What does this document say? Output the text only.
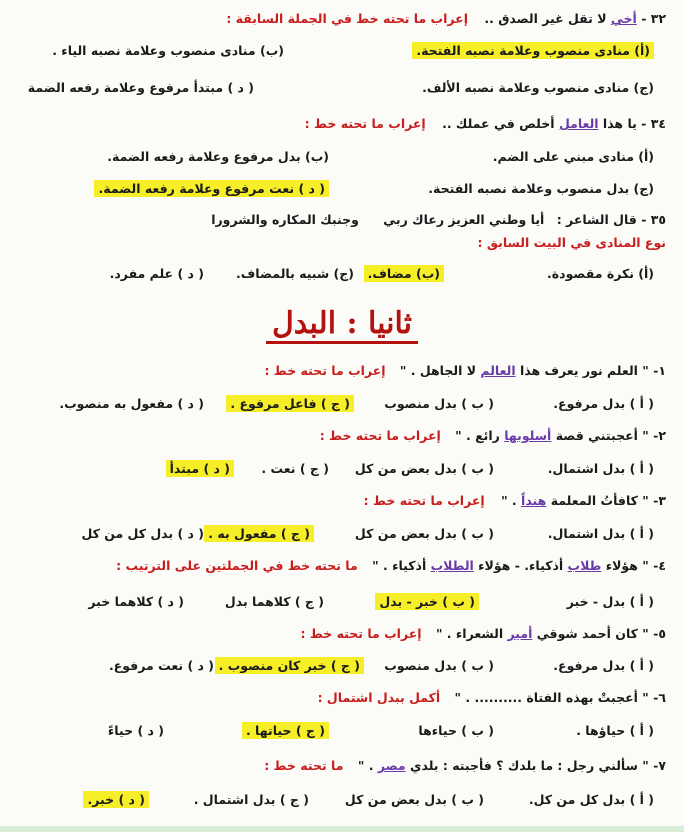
٣٢ - أخي لا تقل غير الصدق .. إعراب ما تحته خط في الجملة السابقة :
(أ) منادى منصوب وعلامة نصبه الفتحة.
(ب) منادى منصوب وعلامة نصبه الياء .
(ج) منادى منصوب وعلامة نصبه الألف.
( د ) مبتدأ مرفوع وعلامة رفعه الضمة
٣٤ - يا هذا العامل أخلص في عملك .. إعراب ما تحته خط :
(أ) منادى مبني على الضم.
(ب) بدل مرفوع وعلامة رفعه الضمة.
(ج) بدل منصوب وعلامة نصبه الفتحة.
( د ) نعت مرفوع وعلامة رفعه الضمة.
٣٥ - قال الشاعر : أيا وطني العزيز رعاك ربي وجنبك المكاره والشرورا
نوع المنادى في البيت السابق :
(أ) نكرة مقصودة.
(ب) مضاف.
(ج) شبيه بالمضاف.
( د ) علم مفرد.
ثانيا : البدل
١- " العلم نور يعرف هذا العالم لا الجاهل . " إعراب ما تحته خط :
( أ ) بدل مرفوع.
( ب ) بدل منصوب
( ج ) فاعل مرفوع .
( د ) مفعول به منصوب.
٢- " أعجبتني قصة أسلوبها رائع . " إعراب ما تحته خط :
( أ ) بدل اشتمال.
( ب ) بدل بعض من كل
( ج ) نعت .
( د ) مبتدأ
٣- " كافأتُ المعلمة هنداً . " إعراب ما تحته خط :
( أ ) بدل اشتمال.
( ب ) بدل بعض من كل
( ج ) مفعول به .
( د ) بدل كل من كل
٤- " هؤلاء طلاب أذكياء. - هؤلاء الطلاب أذكياء . " ما تحته خط في الجملتين على الترتيب :
( أ ) بدل - خبر
( ب ) خبر - بدل
( ج ) كلاهما بدل
( د ) كلاهما خبر
٥- " كان أحمد شوقي أمير الشعراء . " إعراب ما تحته خط :
( أ ) بدل مرفوع.
( ب ) بدل منصوب
( ج ) خبر كان منصوب .
( د ) نعت مرفوع.
٦- " أعجبتْ بهذه الفتاة .......... . " أكمل ببدل اشتمال :
( أ ) حياؤها .
( ب ) حياءها
( ج ) حياتها .
( د ) حياءً
٧- " سألني رجل : ما بلدك ؟ فأجبته : بلدي مصر . " ما تحته خط :
( أ ) بدل كل من كل.
( ب ) بدل بعض من كل
( ج ) بدل اشتمال .
( د ) خبر.
